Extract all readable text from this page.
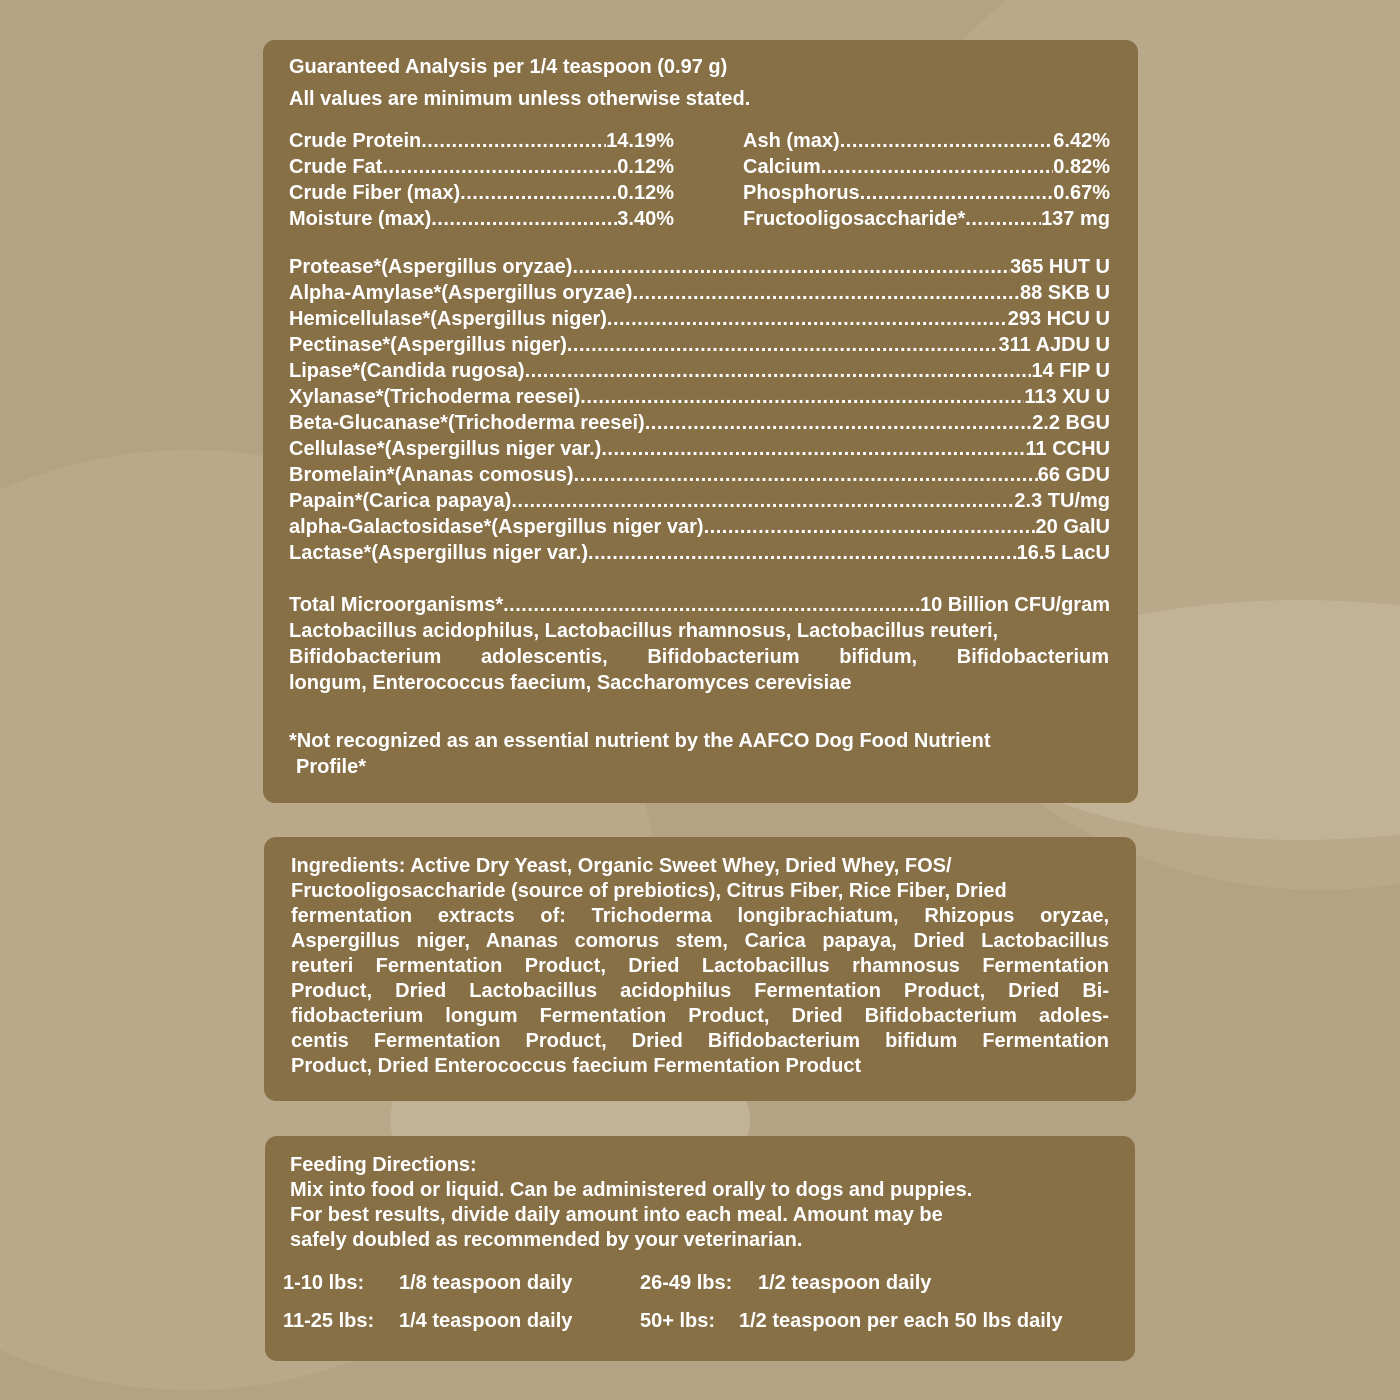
Guaranteed Analysis per 1/4 teaspoon (0.97 g)
All values are minimum unless otherwise stated.
Crude Protein .....	14.19%
Crude Fat .....	0.12%
Crude Fiber (max) .....	0.12%
Moisture (max) .....	3.40%
Ash (max) .....	6.42%
Calcium .....	0.82%
Phosphorus .....	0.67%
Fructooligosaccharide* .....	137 mg
Protease*(Aspergillus oryzae) .....	365 HUT U
Alpha-Amylase*(Aspergillus oryzae) .....	88 SKB U
Hemicellulase*(Aspergillus niger) .....	293 HCU U
Pectinase*(Aspergillus niger) .....	311 AJDU U
Lipase*(Candida rugosa) .....	14 FIP U
Xylanase*(Trichoderma reesei) .....	113 XU U
Beta-Glucanase*(Trichoderma reesei) .....	2.2 BGU
Cellulase*(Aspergillus niger var.) .....	11 CCHU
Bromelain*(Ananas comosus) .....	66 GDU
Papain*(Carica papaya) .....	2.3 TU/mg
alpha-Galactosidase*(Aspergillus niger var) .....	20 GalU
Lactase*(Aspergillus niger var.) .....	16.5 LacU
Total Microorganisms* .....	10 Billion CFU/gram
Lactobacillus acidophilus, Lactobacillus rhamnosus, Lactobacillus reuteri,
Bifidobacterium adolescentis, Bifidobacterium bifidum, Bifidobacterium
longum, Enterococcus faecium, Saccharomyces cerevisiae
*Not recognized as an essential nutrient by the AAFCO Dog Food Nutrient
Profile*
Ingredients: Active Dry Yeast, Organic Sweet Whey, Dried Whey, FOS/
Fructooligosaccharide (source of prebiotics), Citrus Fiber, Rice Fiber, Dried
fermentation extracts of: Trichoderma longibrachiatum, Rhizopus oryzae,
Aspergillus niger, Ananas comorus stem, Carica papaya, Dried Lactobacillus
reuteri Fermentation Product, Dried Lactobacillus rhamnosus Fermentation
Product, Dried Lactobacillus acidophilus Fermentation Product, Dried Bi-
fidobacterium longum Fermentation Product, Dried Bifidobacterium adoles-
centis Fermentation Product, Dried Bifidobacterium bifidum Fermentation
Product, Dried Enterococcus faecium Fermentation Product
Feeding Directions:
Mix into food or liquid. Can be administered orally to dogs and puppies.
For best results, divide daily amount into each meal. Amount may be
safely doubled as recommended by your veterinarian.
1-10 lbs: 1/8 teaspoon daily	26-49 lbs: 1/2 teaspoon daily
11-25 lbs: 1/4 teaspoon daily	50+ lbs: 1/2 teaspoon per each 50 lbs daily
